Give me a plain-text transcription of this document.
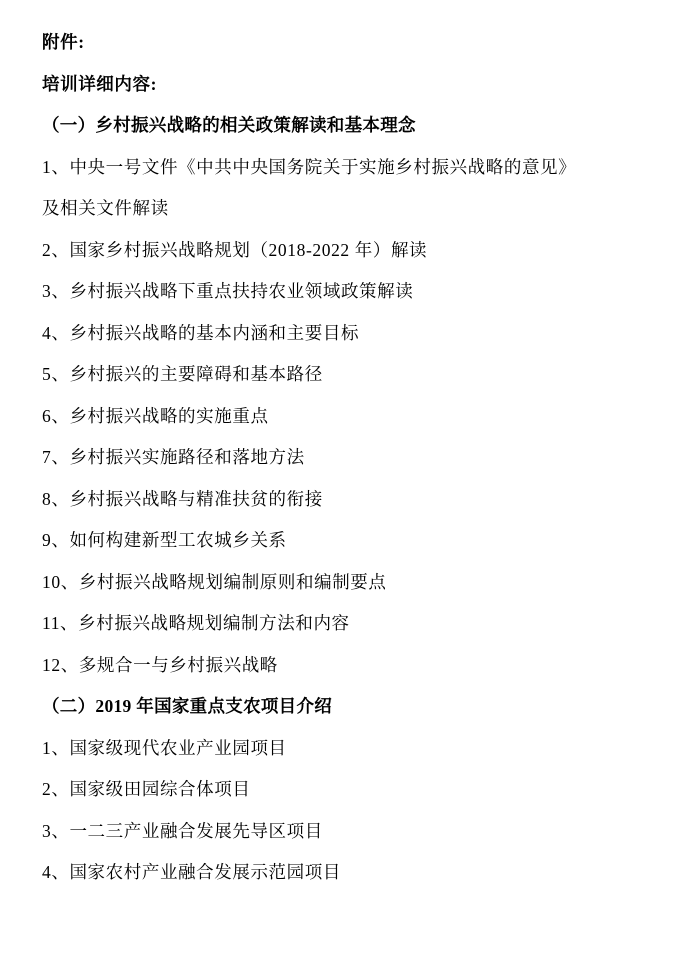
附件:
培训详细内容:
（一）乡村振兴战略的相关政策解读和基本理念
1、中央一号文件《中共中央国务院关于实施乡村振兴战略的意见》
及相关文件解读
2、国家乡村振兴战略规划（2018-2022 年）解读
3、乡村振兴战略下重点扶持农业领域政策解读
4、乡村振兴战略的基本内涵和主要目标
5、乡村振兴的主要障碍和基本路径
6、乡村振兴战略的实施重点
7、乡村振兴实施路径和落地方法
8、乡村振兴战略与精准扶贫的衔接
9、如何构建新型工农城乡关系
10、乡村振兴战略规划编制原则和编制要点
11、乡村振兴战略规划编制方法和内容
12、多规合一与乡村振兴战略
（二）2019 年国家重点支农项目介绍
1、国家级现代农业产业园项目
2、国家级田园综合体项目
3、一二三产业融合发展先导区项目
4、国家农村产业融合发展示范园项目
